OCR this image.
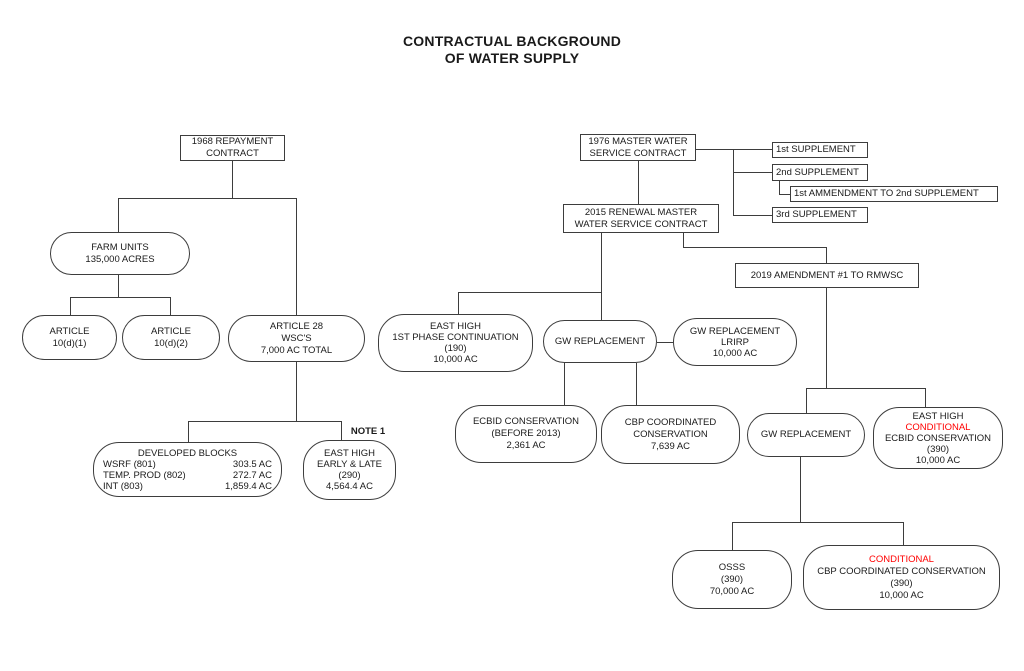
CONTRACTUAL BACKGROUND
OF WATER SUPPLY
1968 REPAYMENT
CONTRACT
FARM UNITS
135,000 ACRES
ARTICLE
10(d)(1)
ARTICLE
10(d)(2)
ARTICLE 28
WSC'S
7,000 AC TOTAL
DEVELOPED BLOCKS
WSRF (801)	303.5 AC
TEMP. PROD (802)	272.7 AC
INT (803)	1,859.4 AC
NOTE 1
EAST HIGH
EARLY & LATE
(290)
4,564.4 AC
1976 MASTER WATER
SERVICE CONTRACT	1st SUPPLEMENT
2nd SUPPLEMENT
1st AMMENDMENT TO 2nd SUPPLEMENT
3rd SUPPLEMENT
2015 RENEWAL MASTER
WATER SERVICE CONTRACT
EAST HIGH
1ST PHASE CONTINUATION
(190)
10,000 AC
GW REPLACEMENT
GW REPLACEMENT
LRIRP
10,000 AC
ECBID CONSERVATION
(BEFORE 2013)
2,361 AC
CBP COORDINATED
CONSERVATION
7,639 AC
2019 AMENDMENT #1 TO RMWSC
GW REPLACEMENT
EAST HIGH
CONDITIONAL
ECBID CONSERVATION
(390)
10,000 AC
OSSS
(390)
70,000 AC
CONDITIONAL
CBP COORDINATED CONSERVATION
(390)
10,000 AC
